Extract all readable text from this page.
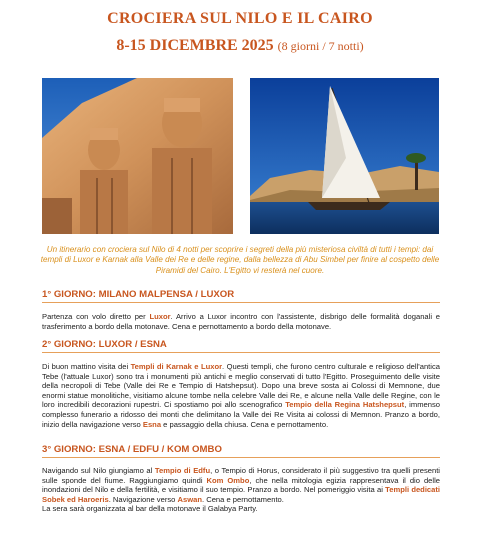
CROCIERA SUL NILO E IL CAIRO
8-15 DICEMBRE 2025 (8 giorni / 7 notti)
Un itinerario con crociera sul Nilo di 4 notti per scoprire i segreti della più misteriosa civiltà di tutti i tempi: dai templi di Luxor e Karnak alla Valle dei Re e delle regine, dalla bellezza di Abu Simbel per finire al cospetto delle Piramidi del Cairo. L'Egitto vi resterà nel cuore.
1° GIORNO: MILANO MALPENSA / LUXOR
Partenza con volo diretto per Luxor. Arrivo a Luxor incontro con l'assistente, disbrigo delle formalità doganali e trasferimento a bordo della motonave. Cena e pernottamento a bordo della motonave.
2° GIORNO: LUXOR / ESNA
Di buon mattino visita dei Templi di Karnak e Luxor. Questi templi, che furono centro culturale e religioso dell'antica Tebe (l'attuale Luxor) sono tra i monumenti più antichi e meglio conservati di tutto l'Egitto. Proseguimento delle visite della necropoli di Tebe (Valle dei Re e Tempio di Hatshepsut). Dopo una breve sosta ai Colossi di Memnone, due enormi statue monolitiche, visitiamo alcune tombe nella celebre Valle dei Re, e alcune nella Valle delle Regine, con le loro incredibili decorazioni rupestri. Ci spostiamo poi allo scenografico Tempio della Regina Hatshepsut, immenso complesso funerario a ridosso dei monti che delimitano la Valle dei Re Visita ai colossi di Memnon. Pranzo a bordo, inizio della navigazione verso Esna e passaggio della chiusa. Cena e pernottamento.
3° GIORNO: ESNA / EDFU / KOM OMBO
Navigando sul Nilo giungiamo al Tempio di Edfu, o Tempio di Horus, considerato il più suggestivo tra quelli presenti sulle sponde del fiume. Raggiungiamo quindi Kom Ombo, che nella mitologia egizia rappresentava il dio delle inondazioni del Nilo e della fertilità, e visitiamo il suo tempio. Pranzo a bordo. Nel pomeriggio visita ai Templi dedicati Sobek ed Haroeris. Navigazione verso Aswan. Cena e pernottamento.
La sera sarà organizzata al bar della motonave il Galabya Party.
